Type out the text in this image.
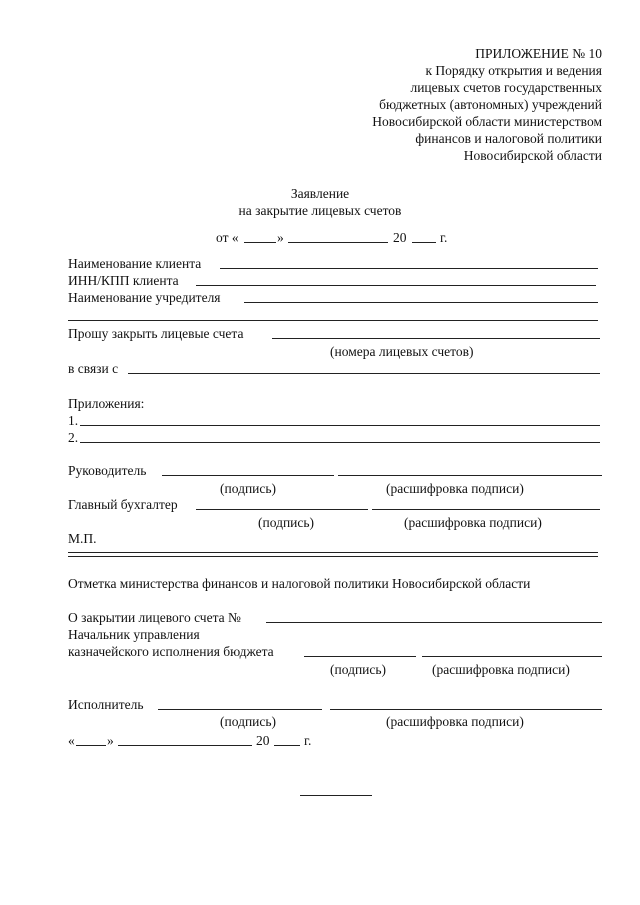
ПРИЛОЖЕНИЕ № 10
к Порядку открытия и ведения
лицевых счетов государственных
бюджетных (автономных) учреждений
Новосибирской области министерством
финансов и налоговой политики
Новосибирской области
Заявление
на закрытие лицевых счетов
от «	»	20 г.
Наименование клиента
ИНН/КПП клиента
Наименование учредителя
Прошу закрыть лицевые счета
(номера лицевых счетов)
в связи с
Приложения:
1.
2.
Руководитель
(подпись)	(расшифровка подписи)
Главный бухгалтер
(подпись)	(расшифровка подписи)
М.П.
Отметка министерства финансов и налоговой политики Новосибирской области
О закрытии лицевого счета №
Начальник управления
казначейского исполнения бюджета
(подпись)	(расшифровка подписи)
Исполнитель
(подпись)	(расшифровка подписи)
« »	20	г.
